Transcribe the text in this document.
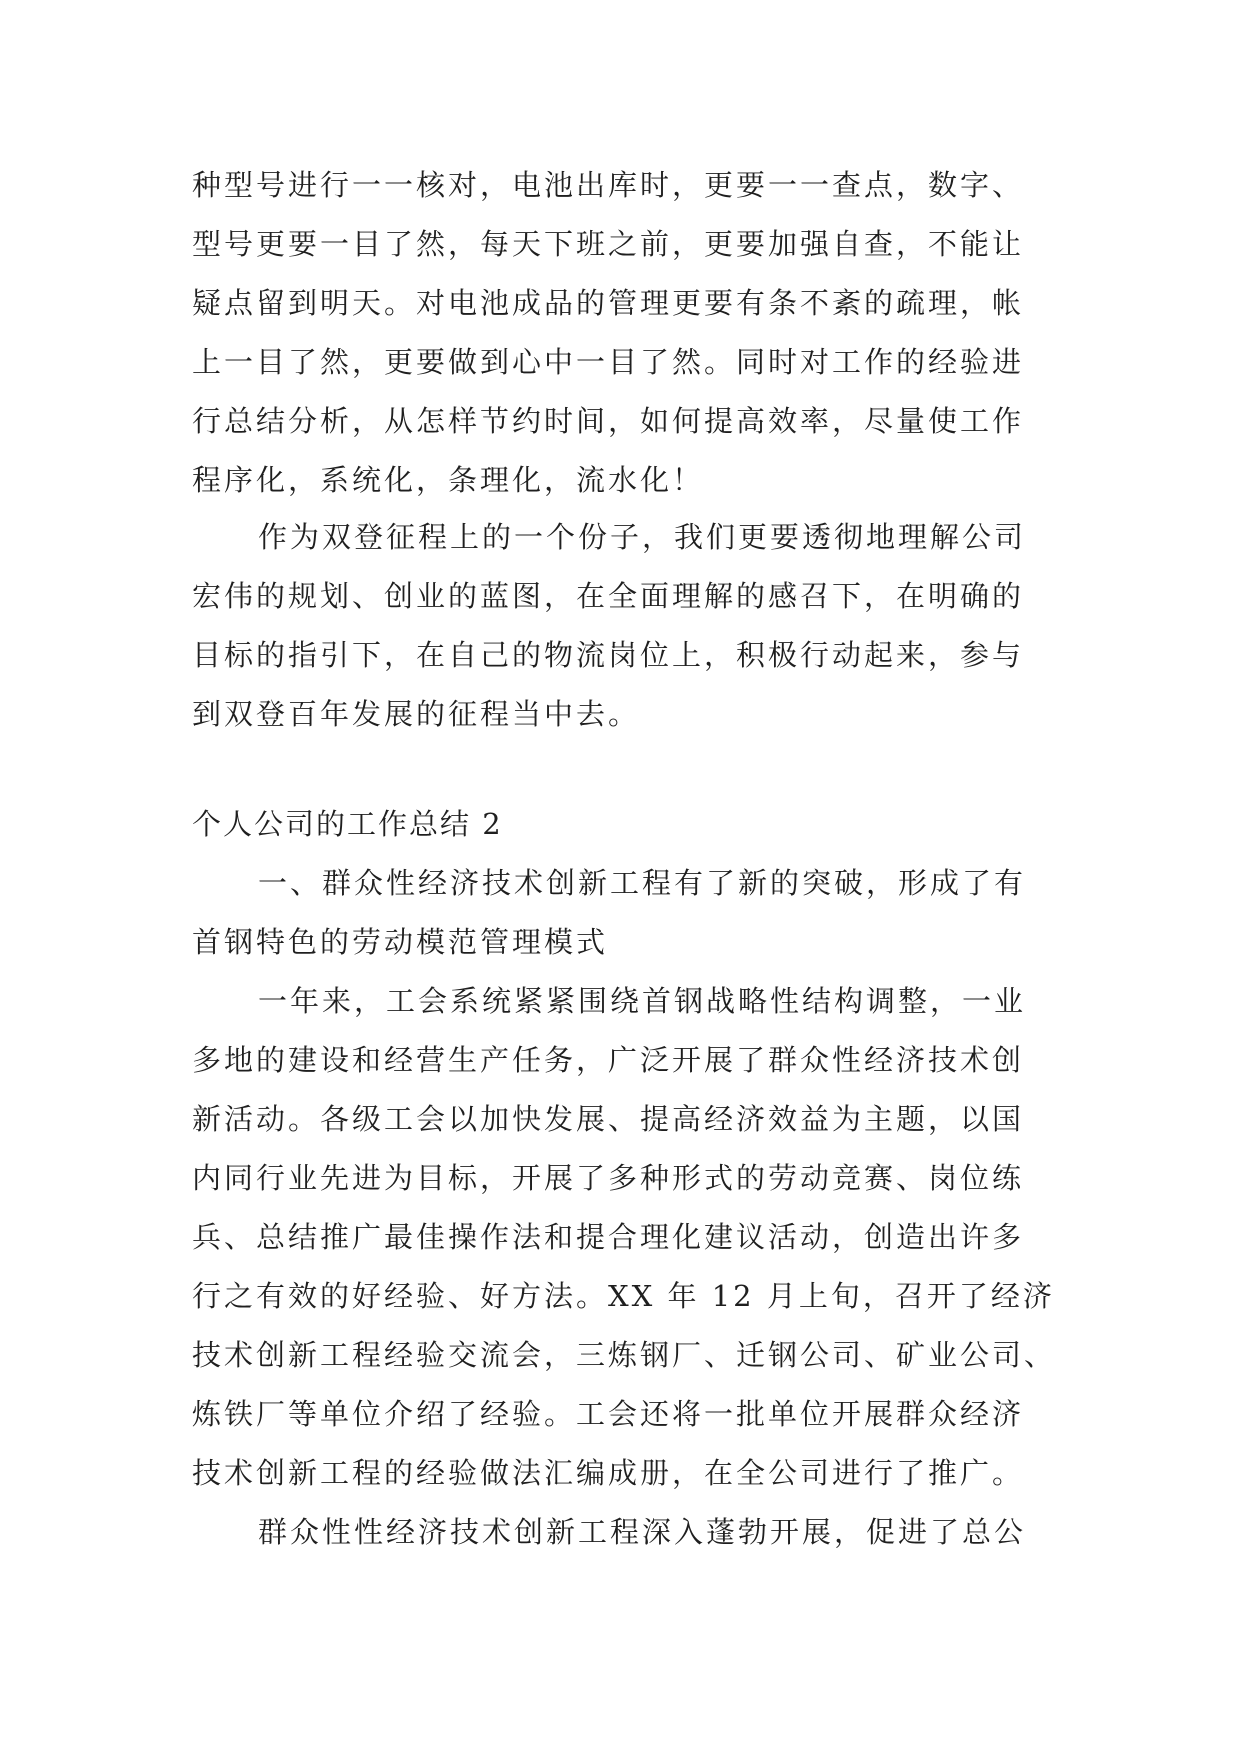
种型号进行一一核对，电池出库时，更要一一查点，数字、
型号更要一目了然，每天下班之前，更要加强自查，不能让
疑点留到明天。对电池成品的管理更要有条不紊的疏理，帐
上一目了然，更要做到心中一目了然。同时对工作的经验进
行总结分析，从怎样节约时间，如何提高效率，尽量使工作
程序化，系统化，条理化，流水化！
作为双登征程上的一个份子，我们更要透彻地理解公司
宏伟的规划、创业的蓝图，在全面理解的感召下，在明确的
目标的指引下，在自己的物流岗位上，积极行动起来，参与
到双登百年发展的征程当中去。
个人公司的工作总结 2
一、群众性经济技术创新工程有了新的突破，形成了有
首钢特色的劳动模范管理模式
一年来，工会系统紧紧围绕首钢战略性结构调整，一业
多地的建设和经营生产任务，广泛开展了群众性经济技术创
新活动。各级工会以加快发展、提高经济效益为主题，以国
内同行业先进为目标，开展了多种形式的劳动竞赛、岗位练
兵、总结推广最佳操作法和提合理化建议活动，创造出许多
行之有效的好经验、好方法。XX 年 12 月上旬，召开了经济
技术创新工程经验交流会，三炼钢厂、迁钢公司、矿业公司、
炼铁厂等单位介绍了经验。工会还将一批单位开展群众经济
技术创新工程的经验做法汇编成册，在全公司进行了推广。
群众性性经济技术创新工程深入蓬勃开展，促进了总公
